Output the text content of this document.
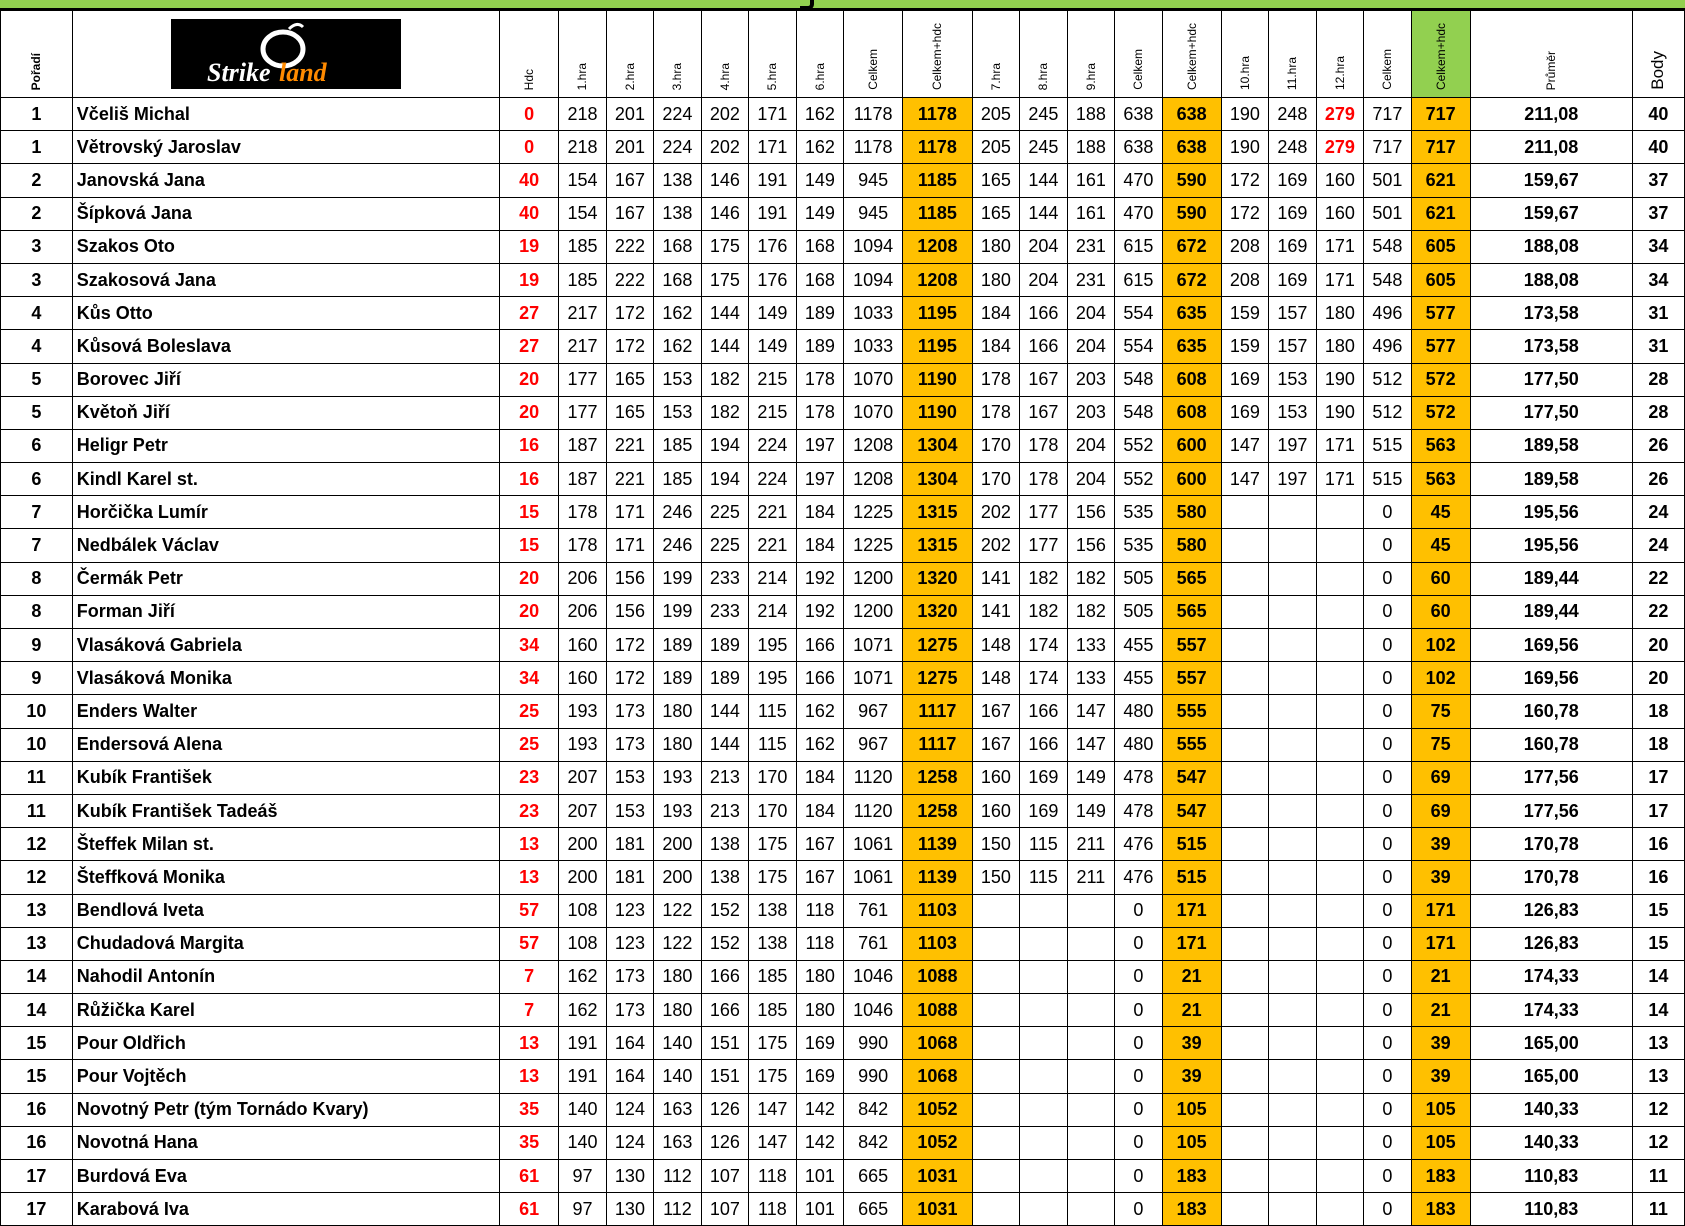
Pořadí	Strike land	Hdc	1.hra	2.hra	3.hra	4.hra	5.hra	6.hra	Celkem	Celkem+hdc	7.hra	8.hra	9.hra	Celkem	Celkem+hdc	10.hra	11.hra	12.hra	Celkem	Celkem+hdc	Průměr	Body
1	Včeliš Michal	0	218	201	224	202	171	162	1178	1178	205	245	188	638	638	190	248	279	717	717	211,08	40
1	Větrovský Jaroslav	0	218	201	224	202	171	162	1178	1178	205	245	188	638	638	190	248	279	717	717	211,08	40
2	Janovská Jana	40	154	167	138	146	191	149	945	1185	165	144	161	470	590	172	169	160	501	621	159,67	37
2	Šípková Jana	40	154	167	138	146	191	149	945	1185	165	144	161	470	590	172	169	160	501	621	159,67	37
3	Szakos Oto	19	185	222	168	175	176	168	1094	1208	180	204	231	615	672	208	169	171	548	605	188,08	34
3	Szakosová Jana	19	185	222	168	175	176	168	1094	1208	180	204	231	615	672	208	169	171	548	605	188,08	34
4	Kůs Otto	27	217	172	162	144	149	189	1033	1195	184	166	204	554	635	159	157	180	496	577	173,58	31
4	Kůsová Boleslava	27	217	172	162	144	149	189	1033	1195	184	166	204	554	635	159	157	180	496	577	173,58	31
5	Borovec Jiří	20	177	165	153	182	215	178	1070	1190	178	167	203	548	608	169	153	190	512	572	177,50	28
5	Květoň Jiří	20	177	165	153	182	215	178	1070	1190	178	167	203	548	608	169	153	190	512	572	177,50	28
6	Heligr Petr	16	187	221	185	194	224	197	1208	1304	170	178	204	552	600	147	197	171	515	563	189,58	26
6	Kindl Karel st.	16	187	221	185	194	224	197	1208	1304	170	178	204	552	600	147	197	171	515	563	189,58	26
7	Horčička Lumír	15	178	171	246	225	221	184	1225	1315	202	177	156	535	580				0	45	195,56	24
7	Nedbálek Václav	15	178	171	246	225	221	184	1225	1315	202	177	156	535	580				0	45	195,56	24
8	Čermák Petr	20	206	156	199	233	214	192	1200	1320	141	182	182	505	565				0	60	189,44	22
8	Forman Jiří	20	206	156	199	233	214	192	1200	1320	141	182	182	505	565				0	60	189,44	22
9	Vlasáková Gabriela	34	160	172	189	189	195	166	1071	1275	148	174	133	455	557				0	102	169,56	20
9	Vlasáková Monika	34	160	172	189	189	195	166	1071	1275	148	174	133	455	557				0	102	169,56	20
10	Enders Walter	25	193	173	180	144	115	162	967	1117	167	166	147	480	555				0	75	160,78	18
10	Endersová Alena	25	193	173	180	144	115	162	967	1117	167	166	147	480	555				0	75	160,78	18
11	Kubík František	23	207	153	193	213	170	184	1120	1258	160	169	149	478	547				0	69	177,56	17
11	Kubík František Tadeáš	23	207	153	193	213	170	184	1120	1258	160	169	149	478	547				0	69	177,56	17
12	Šteffek Milan st.	13	200	181	200	138	175	167	1061	1139	150	115	211	476	515				0	39	170,78	16
12	Šteffková Monika	13	200	181	200	138	175	167	1061	1139	150	115	211	476	515				0	39	170,78	16
13	Bendlová Iveta	57	108	123	122	152	138	118	761	1103				0	171				0	171	126,83	15
13	Chudadová Margita	57	108	123	122	152	138	118	761	1103				0	171				0	171	126,83	15
14	Nahodil Antonín	7	162	173	180	166	185	180	1046	1088				0	21				0	21	174,33	14
14	Růžička Karel	7	162	173	180	166	185	180	1046	1088				0	21				0	21	174,33	14
15	Pour Oldřich	13	191	164	140	151	175	169	990	1068				0	39				0	39	165,00	13
15	Pour Vojtěch	13	191	164	140	151	175	169	990	1068				0	39				0	39	165,00	13
16	Novotný Petr (tým Tornádo Kvary)	35	140	124	163	126	147	142	842	1052				0	105				0	105	140,33	12
16	Novotná Hana	35	140	124	163	126	147	142	842	1052				0	105				0	105	140,33	12
17	Burdová Eva	61	97	130	112	107	118	101	665	1031				0	183				0	183	110,83	11
17	Karabová Iva	61	97	130	112	107	118	101	665	1031				0	183				0	183	110,83	11
